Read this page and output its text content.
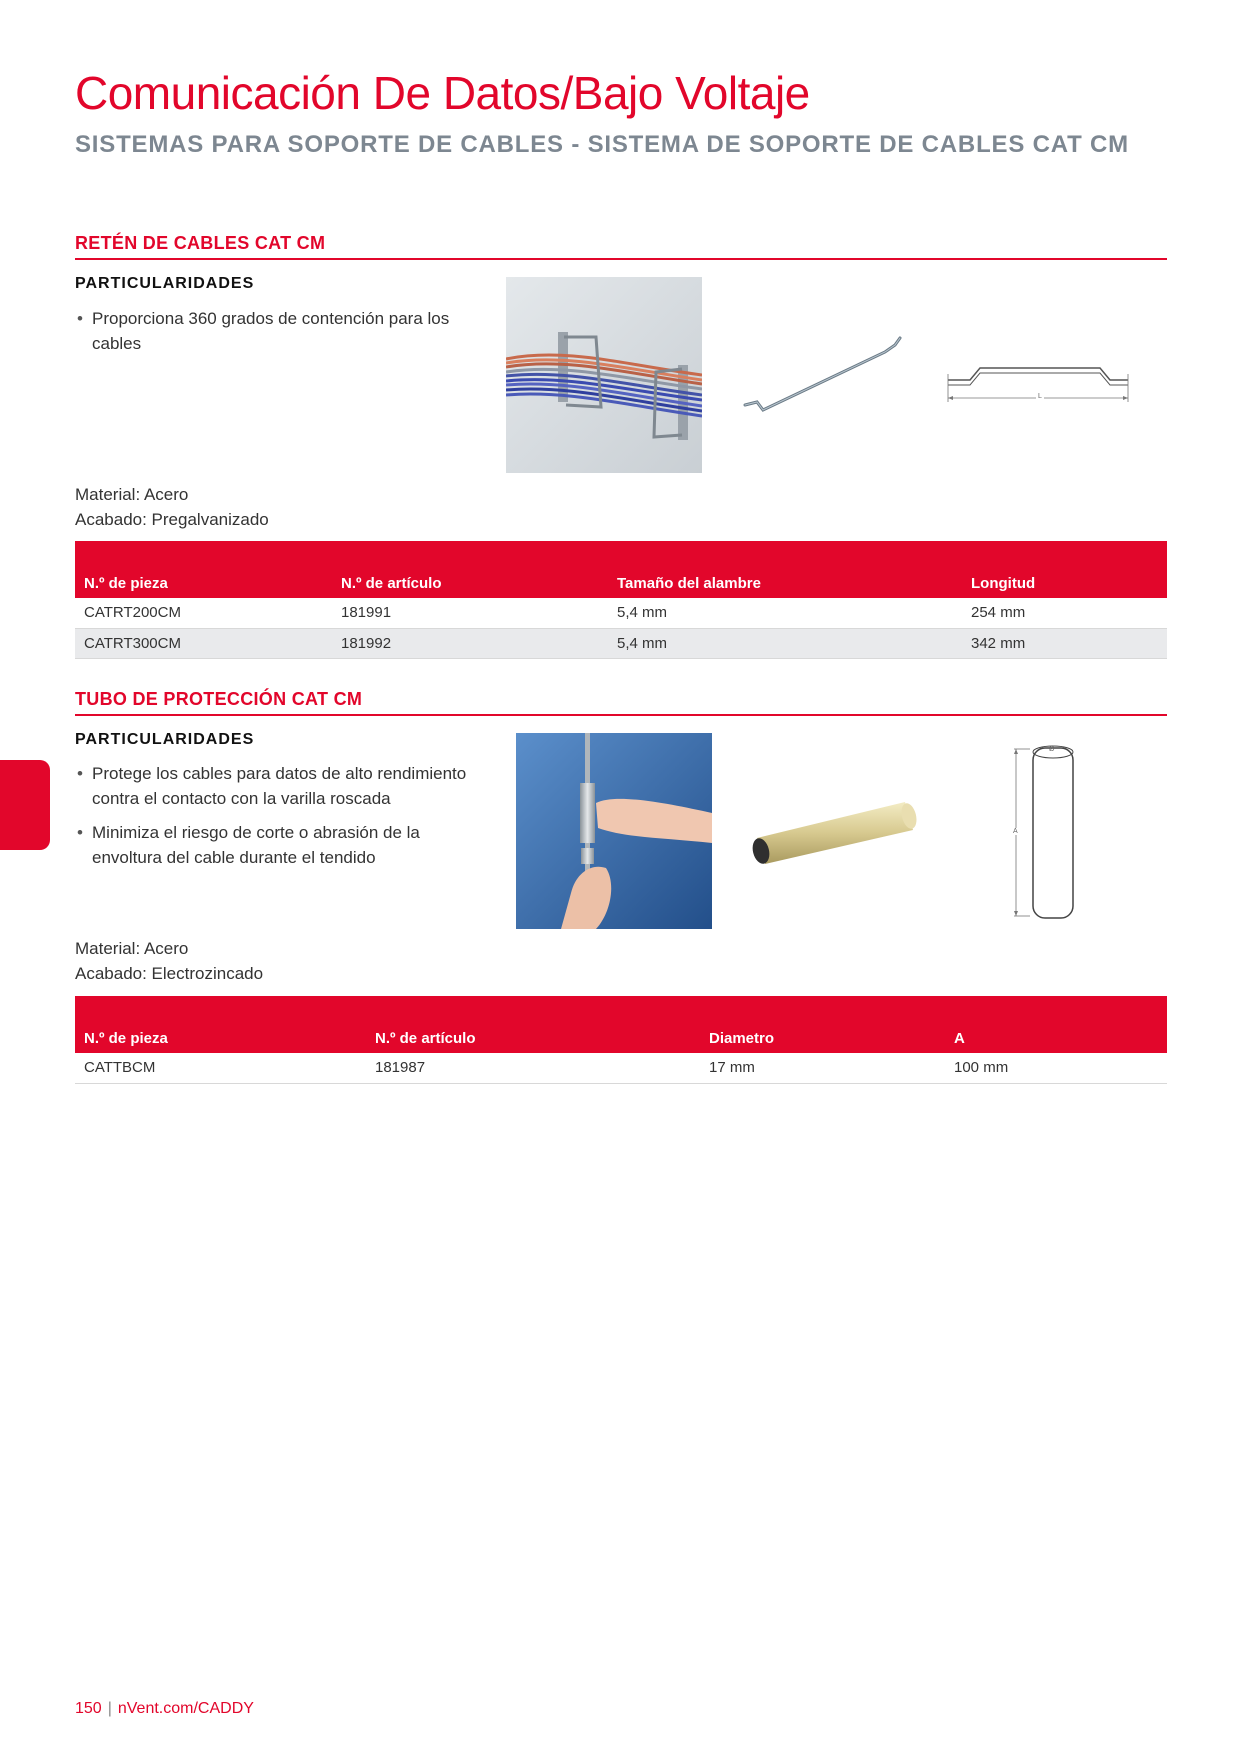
Comunicación De Datos/Bajo Voltaje
SISTEMAS PARA SOPORTE DE CABLES - SISTEMA DE SOPORTE DE CABLES CAT CM
RETÉN DE CABLES CAT CM
PARTICULARIDADES
• Proporciona 360 grados de contención para los cables
L
Material: Acero
Acabado: Pregalvanizado
N.º de pieza	N.º de artículo	Tamaño del alambre	Longitud
CATRT200CM	181991	5,4 mm	254 mm
CATRT300CM	181992	5,4 mm	342 mm
TUBO DE PROTECCIÓN CAT CM
PARTICULARIDADES
• Protege los cables para datos de alto rendimiento contra el contacto con la varilla roscada
• Minimiza el riesgo de corte o abrasión de la envoltura del cable durante el tendido
A
Ø
Material: Acero
Acabado: Electrozincado
N.º de pieza	N.º de artículo	Diametro	A
CATTBCM	181987	17 mm	100 mm
150 | nVent.com/CADDY
